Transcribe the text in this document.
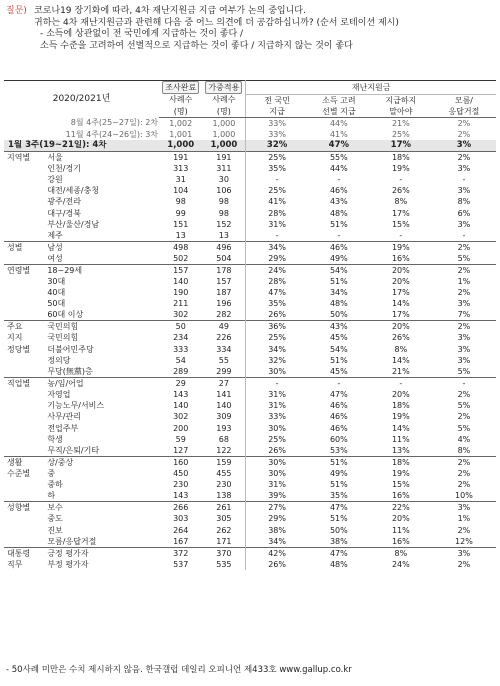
질문) 코로나19 장기화에 따라, 4차 재난지원금 지급 여부가 논의 중입니다.
귀하는 4차 재난지원금과 관련해 다음 중 어느 의견에 더 공감하십니까? (순서 로테이션 제시)
- 소득에 상관없이 전 국민에게 지급하는 것이 좋다 /
소득 수준을 고려하여 선별적으로 지급하는 것이 좋다 / 지급하지 않는 것이 좋다
2020/2021년		조사완료	가중적용	재난지원금			
		사례수	사례수	전 국민	소득 고려	지급하지	모름/
		(명)	(명)	지급	선별 지급	말아야	응답거절
8월 4주(25~27일): 2차		1,002	1,000	33%	44%	21%	2%
11월 4주(24~26일): 3차		1,001	1,000	33%	41%	25%	2%
1월 3주(19~21일): 4차		1,000	1,000	32%	47%	17%	3%
지역별	서울	191	191	25%	55%	18%	2%
	인천/경기	313	311	35%	44%	19%	3%
	강원	31	30	-	-	-	-
	대전/세종/충청	104	106	25%	46%	26%	3%
	광주/전라	98	98	41%	43%	8%	8%
	대구/경북	99	98	28%	48%	17%	6%
	부산/울산/경남	151	152	31%	51%	15%	3%
	제주	13	13	-	-	-	-
성별	남성	498	496	34%	46%	19%	2%
	여성	502	504	29%	49%	16%	5%
연령별	18~29세	157	178	24%	54%	20%	2%
	30대	140	157	28%	51%	20%	1%
	40대	190	187	47%	34%	17%	2%
	50대	211	196	35%	48%	14%	3%
	60대 이상	302	282	26%	50%	17%	7%
주요	국민의힘	50	49	36%	43%	20%	2%
지지	국민의힘	234	226	25%	45%	26%	3%
정당별	더불어민주당	333	334	34%	54%	8%	3%
	정의당	54	55	32%	51%	14%	3%
	무당(無黨)층	289	299	30%	45%	21%	5%
직업별	농/임/어업	29	27	-	-	-	-
	자영업	143	141	31%	47%	20%	2%
	기능노무/서비스	140	140	31%	46%	18%	5%
	사무/관리	302	309	33%	46%	19%	2%
	전업주부	200	193	30%	46%	14%	5%
	학생	59	68	25%	60%	11%	4%
	무직/은퇴/기타	127	122	26%	53%	13%	8%
생활	상/중상	160	159	30%	51%	18%	2%
수준별	중	450	455	30%	49%	19%	2%
	중하	230	230	31%	51%	15%	2%
	하	143	138	39%	35%	16%	10%
성향별	보수	266	261	27%	47%	22%	3%
	중도	303	305	29%	51%	20%	1%
	진보	264	262	38%	50%	11%	2%
	모름/응답거절	167	171	34%	38%	16%	12%
대통령	긍정 평가자	372	370	42%	47%	8%	3%
직무	부정 평가자	537	535	26%	48%	24%	2%
- 50사례 미만은 수치 제시하지 않음. 한국갤럽 데일리 오피니언 제433호 www.gallup.co.kr
